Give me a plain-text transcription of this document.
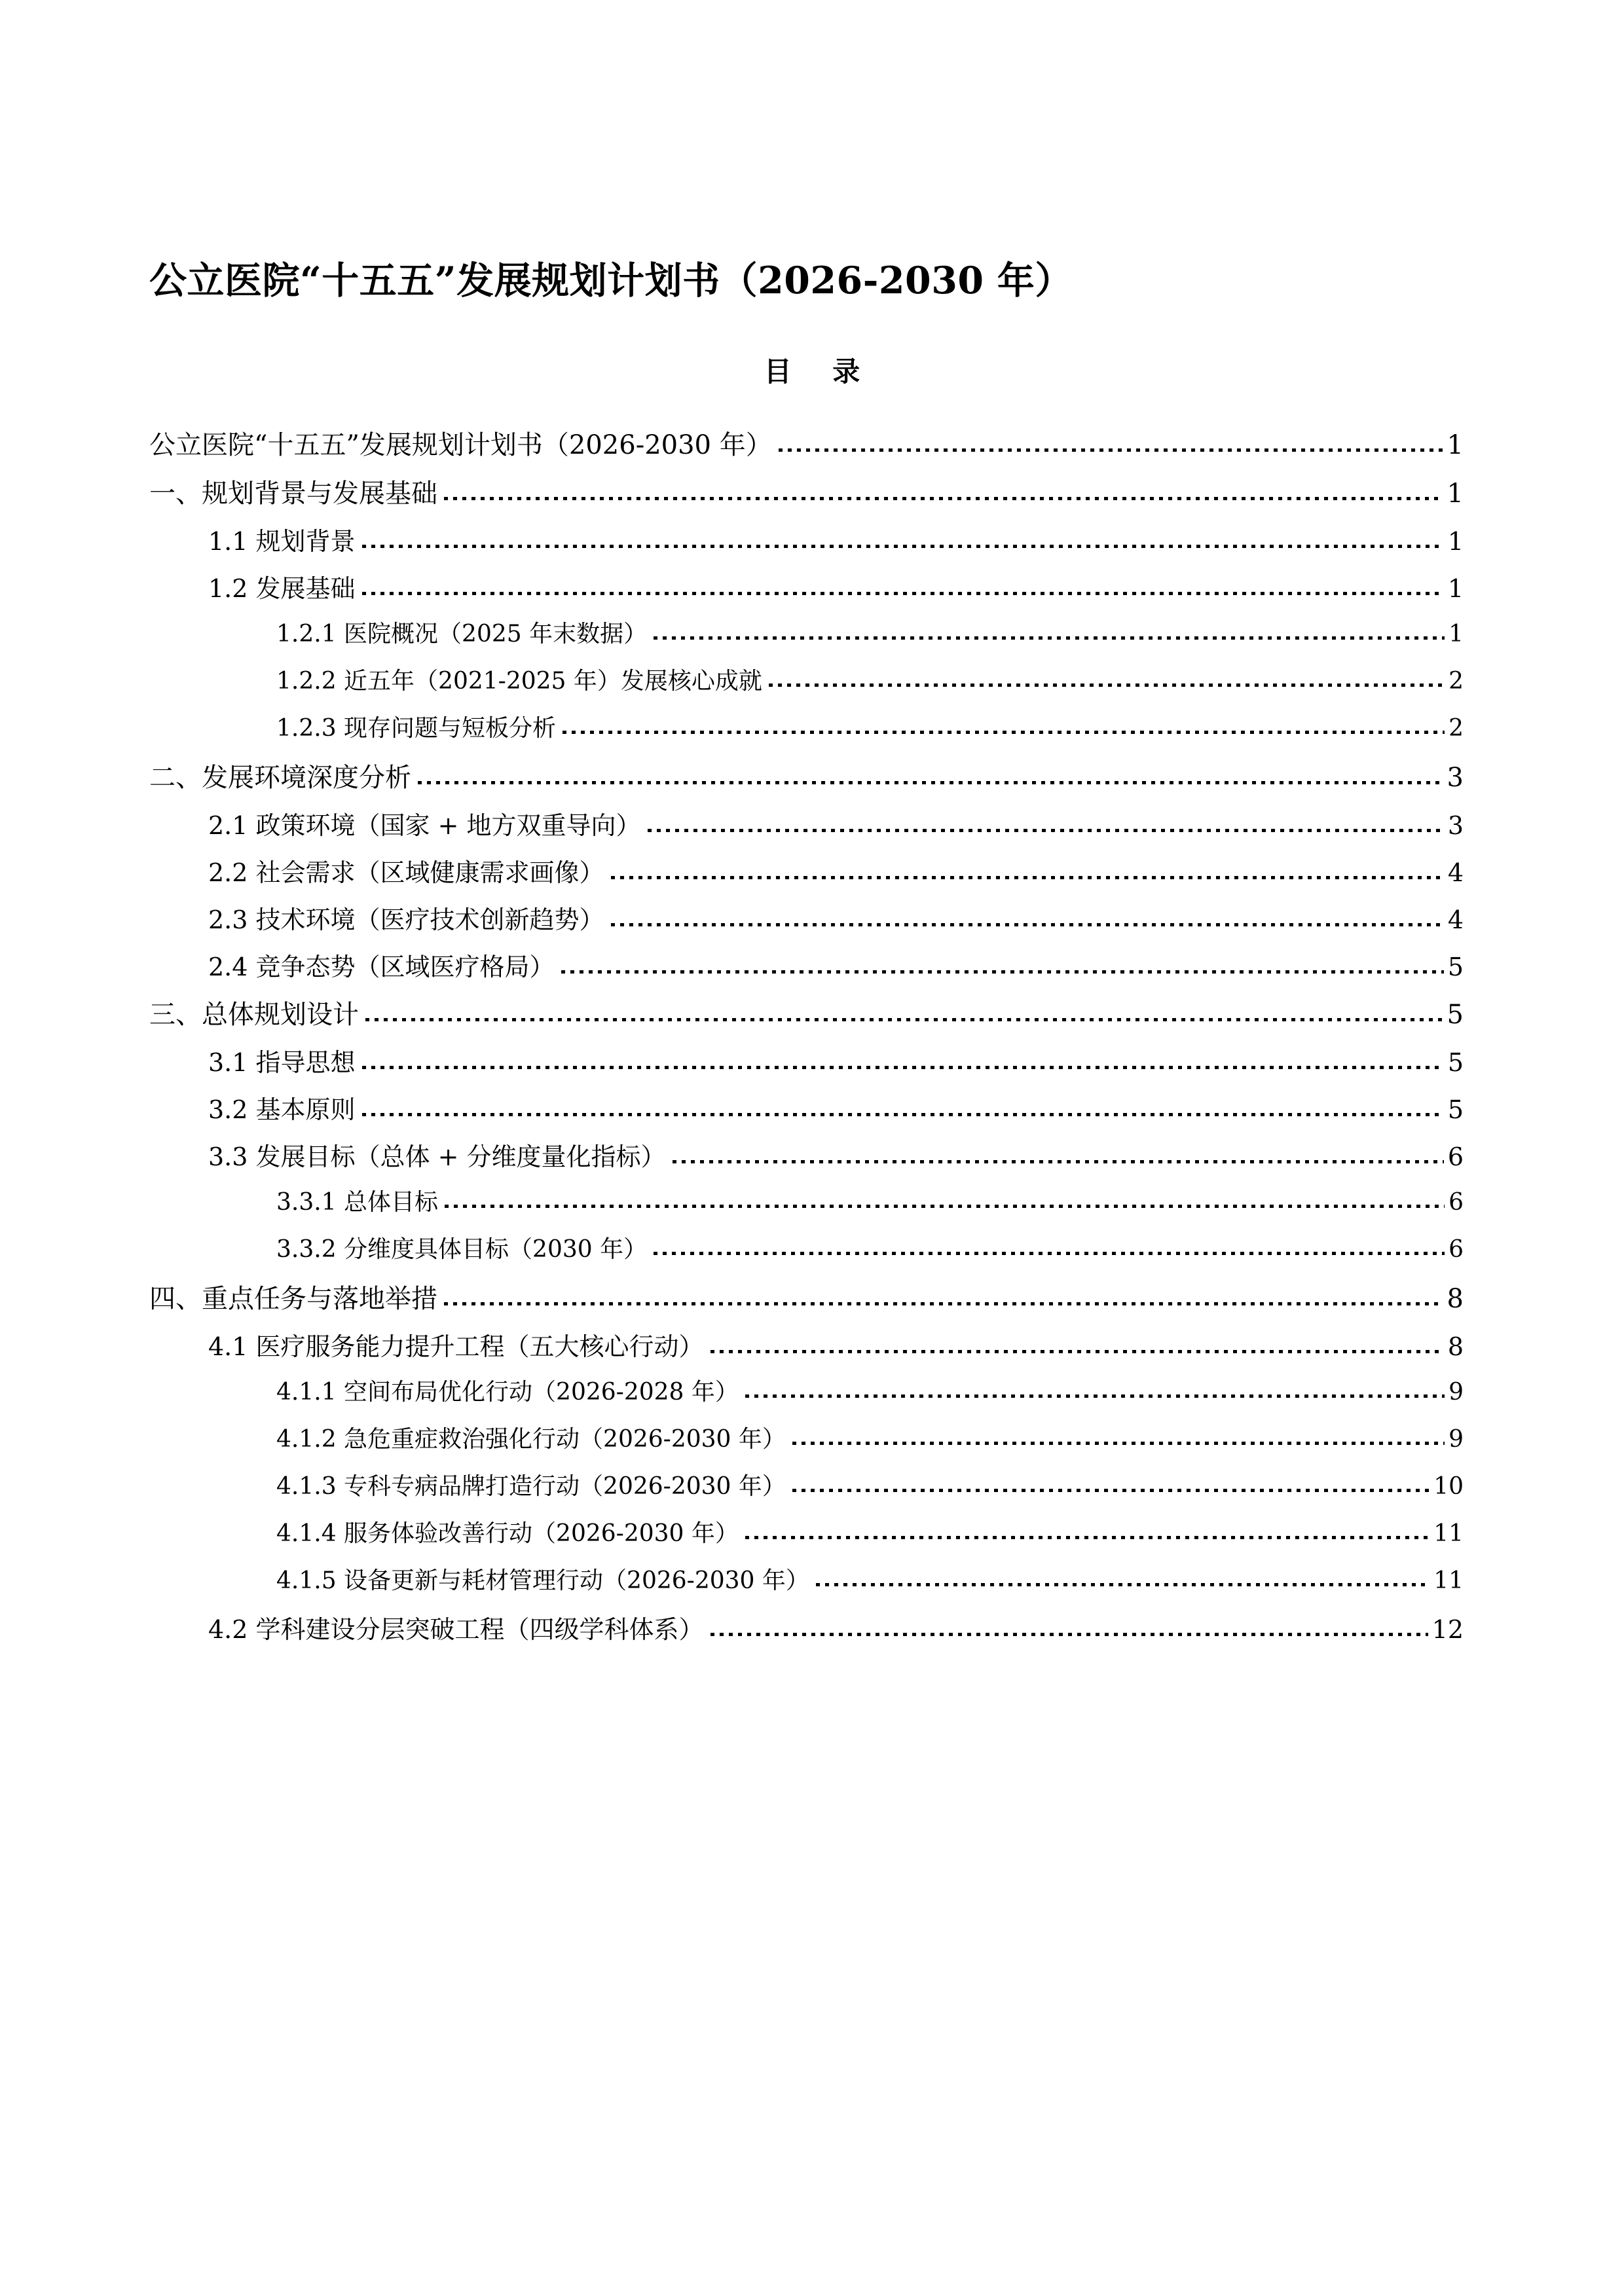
公立医院“十五五”发展规划计划书（2026-2030 年）
目 录
公立医院“十五五”发展规划计划书（2026-2030 年）	1
一、规划背景与发展基础	1
1.1 规划背景	1
1.2 发展基础	1
1.2.1 医院概况（2025 年末数据）	1
1.2.2 近五年（2021-2025 年）发展核心成就	2
1.2.3 现存问题与短板分析	2
二、发展环境深度分析	3
2.1 政策环境（国家 + 地方双重导向）	3
2.2 社会需求（区域健康需求画像）	4
2.3 技术环境（医疗技术创新趋势）	4
2.4 竞争态势（区域医疗格局）	5
三、总体规划设计	5
3.1 指导思想	5
3.2 基本原则	5
3.3 发展目标（总体 + 分维度量化指标）	6
3.3.1 总体目标	6
3.3.2 分维度具体目标（2030 年）	6
四、重点任务与落地举措	8
4.1 医疗服务能力提升工程（五大核心行动）	8
4.1.1 空间布局优化行动（2026-2028 年）	9
4.1.2 急危重症救治强化行动（2026-2030 年）	9
4.1.3 专科专病品牌打造行动（2026-2030 年）	10
4.1.4 服务体验改善行动（2026-2030 年）	11
4.1.5 设备更新与耗材管理行动（2026-2030 年）	11
4.2 学科建设分层突破工程（四级学科体系）	12
